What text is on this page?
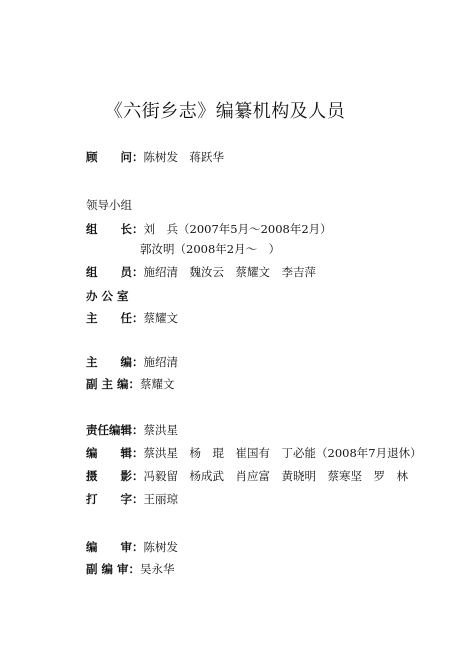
《六街乡志》编纂机构及人员
顾　　问：陈树发　蒋跃华
领导小组
组　　长：刘　兵（2007年5月～2008年2月）
郭汝明（2008年2月～　）
组　　员：施绍清　魏汝云　蔡耀文　李吉萍
办 公 室
主　　任：蔡耀文
主　　编：施绍清
副 主 编：蔡耀文
责任编辑：蔡洪星
编　　辑：蔡洪星　杨　琨　崔国有　丁必能（2008年7月退休）
摄　　影：冯毅留　杨成武　肖应富　黄晓明　蔡寒坚　罗　林
打　　字：王丽琼
编　　审：陈树发
副 编 审：吴永华
